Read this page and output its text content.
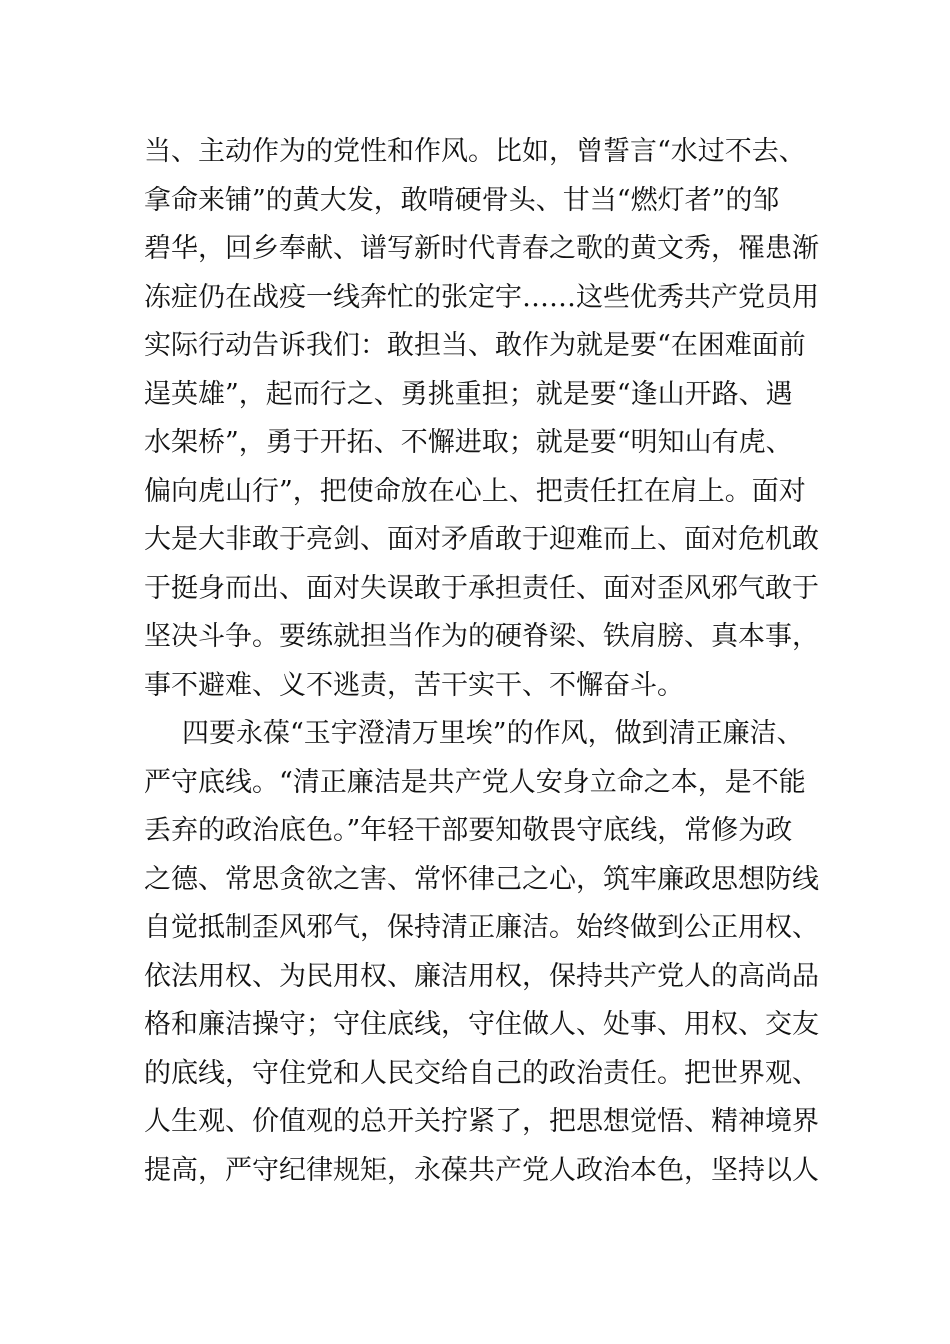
当、主动作为的党性和作风。比如，曾誓言“水过不去、
拿命来铺”的黄大发，敢啃硬骨头、甘当“燃灯者”的邹
碧华，回乡奉献、谱写新时代青春之歌的黄文秀，罹患渐
冻症仍在战疫一线奔忙的张定宇……这些优秀共产党员用
实际行动告诉我们：敢担当、敢作为就是要“在困难面前
逞英雄”，起而行之、勇挑重担；就是要“逢山开路、遇
水架桥”，勇于开拓、不懈进取；就是要“明知山有虎、
偏向虎山行”，把使命放在心上、把责任扛在肩上。面对
大是大非敢于亮剑、面对矛盾敢于迎难而上、面对危机敢
于挺身而出、面对失误敢于承担责任、面对歪风邪气敢于
坚决斗争。要练就担当作为的硬脊梁、铁肩膀、真本事，
事不避难、义不逃责，苦干实干、不懈奋斗。
四要永葆“玉宇澄清万里埃”的作风，做到清正廉洁、
严守底线。“清正廉洁是共产党人安身立命之本，是不能
丢弃的政治底色。”年轻干部要知敬畏守底线，常修为政
之德、常思贪欲之害、常怀律己之心，筑牢廉政思想防线
自觉抵制歪风邪气，保持清正廉洁。始终做到公正用权、
依法用权、为民用权、廉洁用权，保持共产党人的高尚品
格和廉洁操守；守住底线，守住做人、处事、用权、交友
的底线，守住党和人民交给自己的政治责任。把世界观、
人生观、价值观的总开关拧紧了，把思想觉悟、精神境界
提高，严守纪律规矩，永葆共产党人政治本色，坚持以人
